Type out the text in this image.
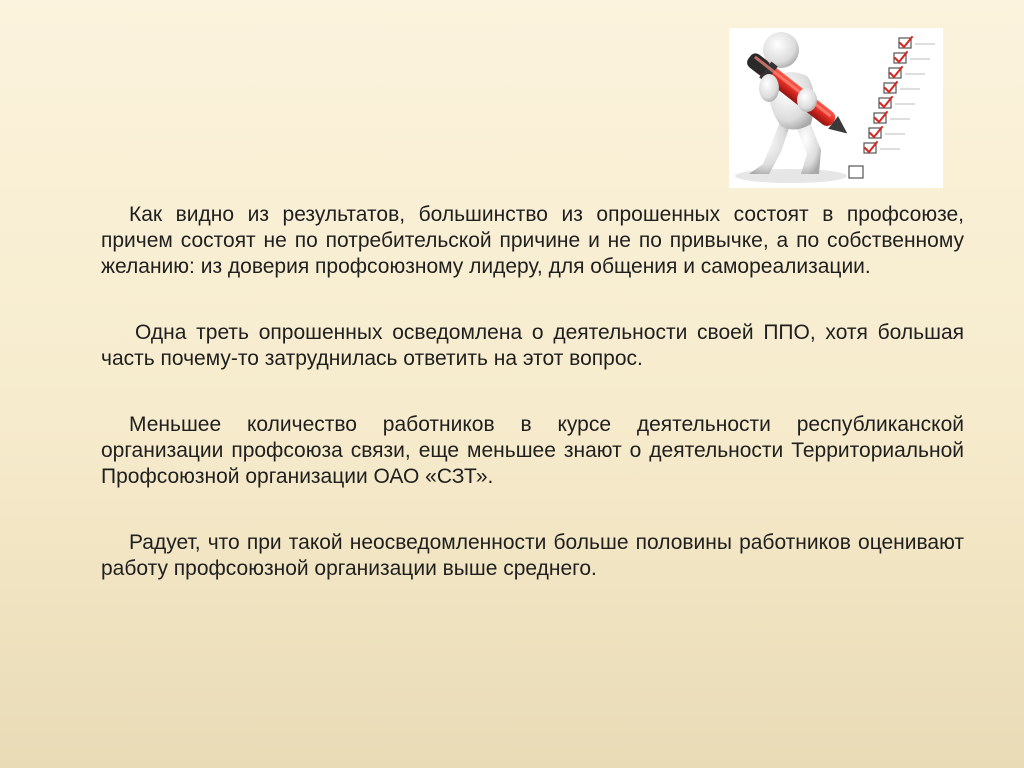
Как видно из результатов, большинство из опрошенных состоят в профсоюзе, причем состоят не по потребительской причине и не по привычке, а по собственному желанию: из доверия профсоюзному лидеру, для общения и самореализации.

Одна треть опрошенных осведомлена о деятельности своей ППО, хотя большая часть почему-то затруднилась ответить на этот вопрос.

Меньшее количество работников в курсе деятельности республиканской организации профсоюза связи, еще меньшее знают о деятельности Территориальной Профсоюзной организации ОАО «СЗТ».

Радует, что при такой неосведомленности больше половины работников оценивают работу профсоюзной организации выше среднего.
